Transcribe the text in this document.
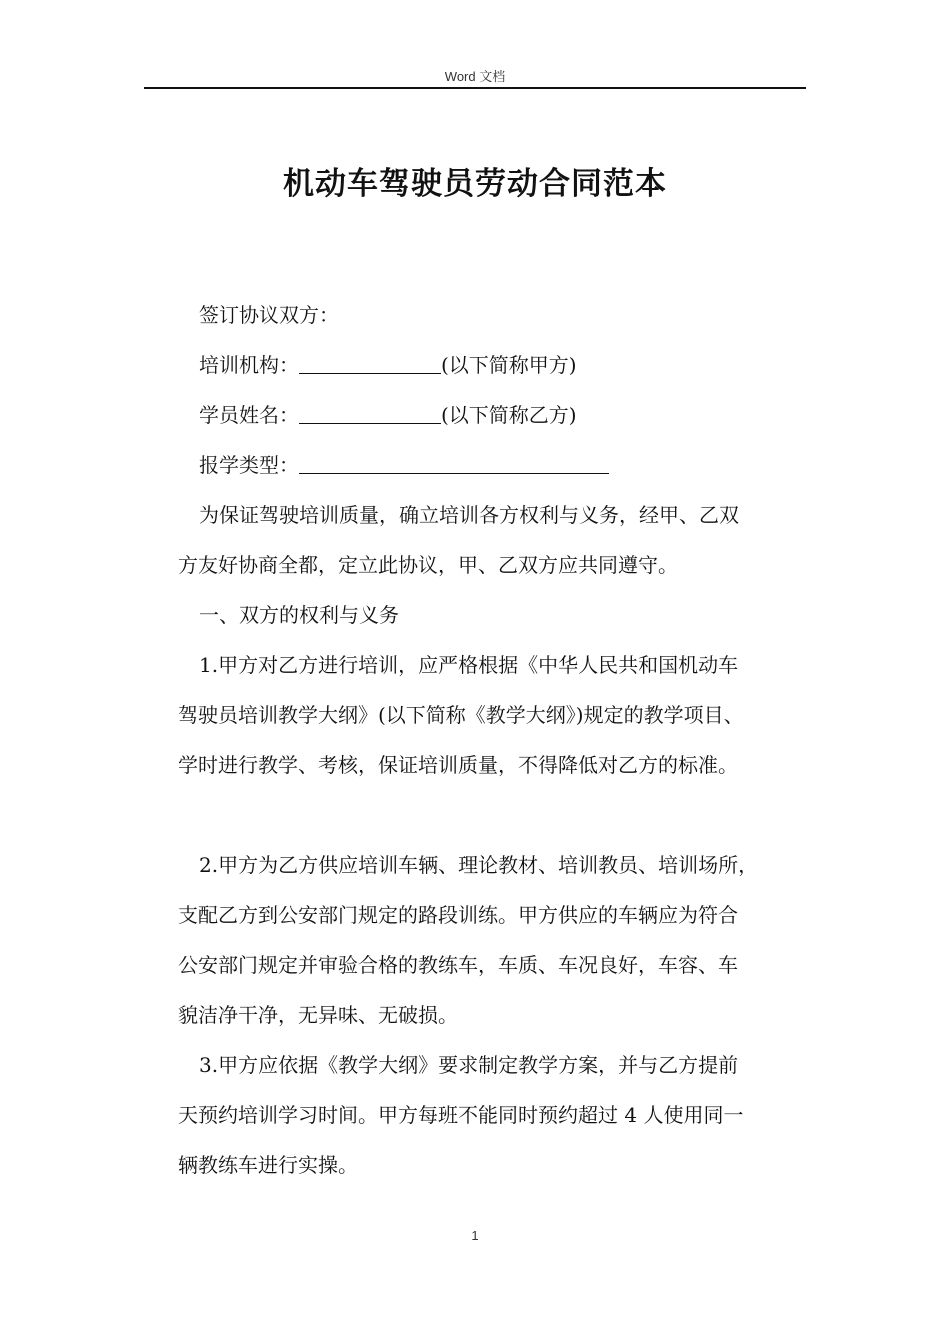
Word 文档
机动车驾驶员劳动合同范本

签订协议双方：

培训机构：	(以下简称甲方)

学员姓名：	(以下简称乙方)

报学类型：

为保证驾驶培训质量，确立培训各方权利与义务，经甲、乙双

方友好协商全都，定立此协议，甲、乙双方应共同遵守。

一、双方的权利与义务

1.甲方对乙方进行培训，应严格根据《中华人民共和国机动车

驾驶员培训教学大纲》(以下简称《教学大纲》)规定的教学项目、

学时进行教学、考核，保证培训质量，不得降低对乙方的标准。

2.甲方为乙方供应培训车辆、理论教材、培训教员、培训场所，

支配乙方到公安部门规定的路段训练。甲方供应的车辆应为符合

公安部门规定并审验合格的教练车，车质、车况良好，车容、车

貌洁净干净，无异味、无破损。

3.甲方应依据《教学大纲》要求制定教学方案，并与乙方提前

天预约培训学习时间。甲方每班不能同时预约超过 4 人使用同一

辆教练车进行实操。

1
